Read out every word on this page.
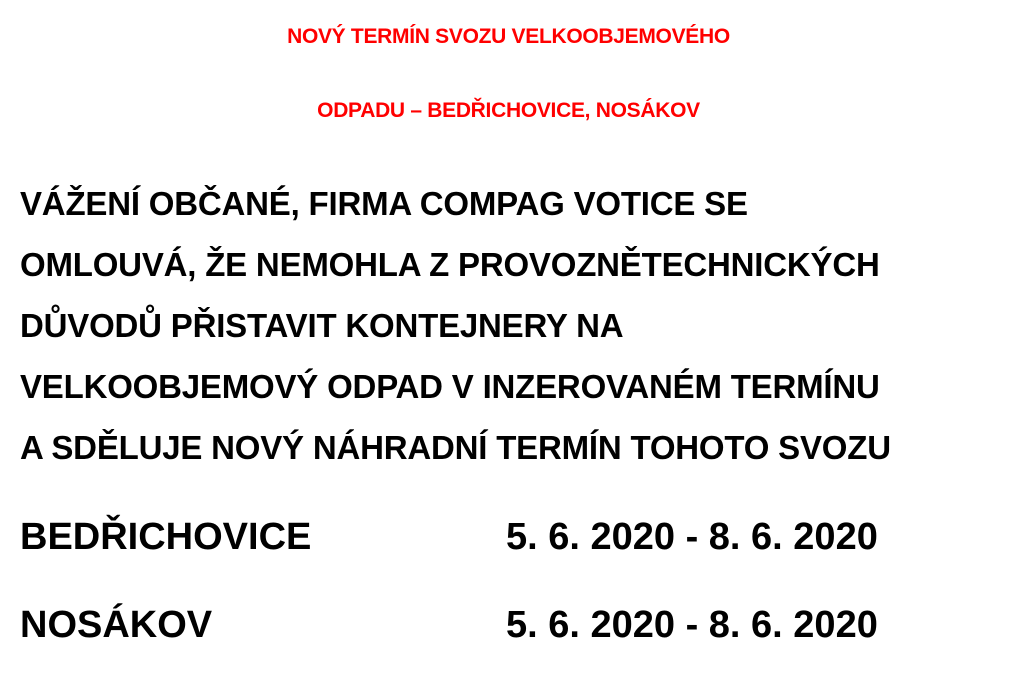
NOVÝ TERMÍN SVOZU VELKOOBJEMOVÉHO
ODPADU – BEDŘICHOVICE, NOSÁKOV
VÁŽENÍ OBČANÉ, FIRMA COMPAG VOTICE SE
OMLOUVÁ, ŽE NEMOHLA Z PROVOZNĚTECHNICKÝCH
DŮVODŮ PŘISTAVIT KONTEJNERY NA
VELKOOBJEMOVÝ ODPAD V INZEROVANÉM TERMÍNU
A SDĚLUJE NOVÝ NÁHRADNÍ TERMÍN TOHOTO SVOZU
BEDŘICHOVICE	5. 6. 2020 - 8. 6. 2020
NOSÁKOV	5. 6. 2020 - 8. 6. 2020
